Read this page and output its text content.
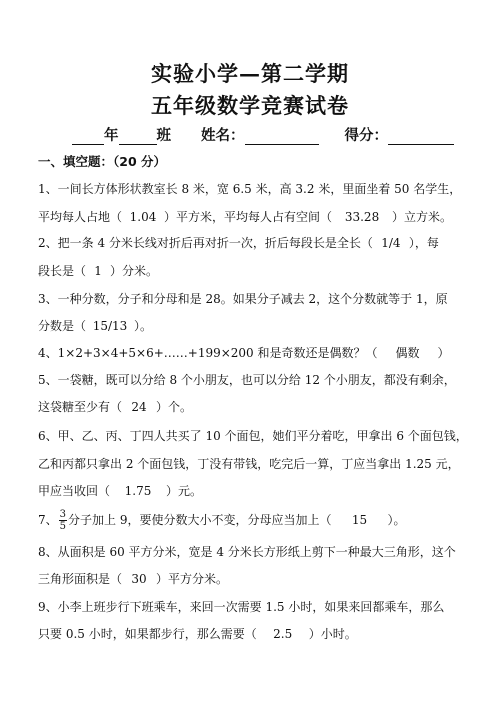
实验小学—第二学期
五年级数学竞赛试卷
年	班 姓名：	得分：
一、填空题：（20 分）
1、一间长方体形状教室长 8 米，宽 6.5 米，高 3.2 米，里面坐着 50 名学生，
平均每人占地（ 1.04 ）平方米，平均每人占有空间（ 33.28 ）立方米。
2、把一条 4 分米长线对折后再对折一次，折后每段长是全长（ 1/4 ），每
段长是（ 1 ）分米。
3、一种分数，分子和分母和是 28。如果分子减去 2，这个分数就等于 1，原
分数是（ 15/13 ）。
4、1×2+3×4+5×6+……+199×200 和是奇数还是偶数？（ 偶数 ）
5、一袋糖，既可以分给 8 个小朋友，也可以分给 12 个小朋友，都没有剩余，
这袋糖至少有（ 24 ）个。
6、甲、乙、丙、丁四人共买了 10 个面包，她们平分着吃，甲拿出 6 个面包钱，
乙和丙都只拿出 2 个面包钱，丁没有带钱，吃完后一算，丁应当拿出 1.25 元，
甲应当收回（ 1.75 ）元。
7、 $\frac{3}{5}$ 分子加上 9，要使分数大小不变，分母应当加上（ 15 ）。
8、从面积是 60 平方分米，宽是 4 分米长方形纸上剪下一种最大三角形，这个
三角形面积是（ 30 ）平方分米。
9、小李上班步行下班乘车，来回一次需要 1.5 小时，如果来回都乘车，那么
只要 0.5 小时，如果都步行，那么需要（ 2.5 ）小时。
